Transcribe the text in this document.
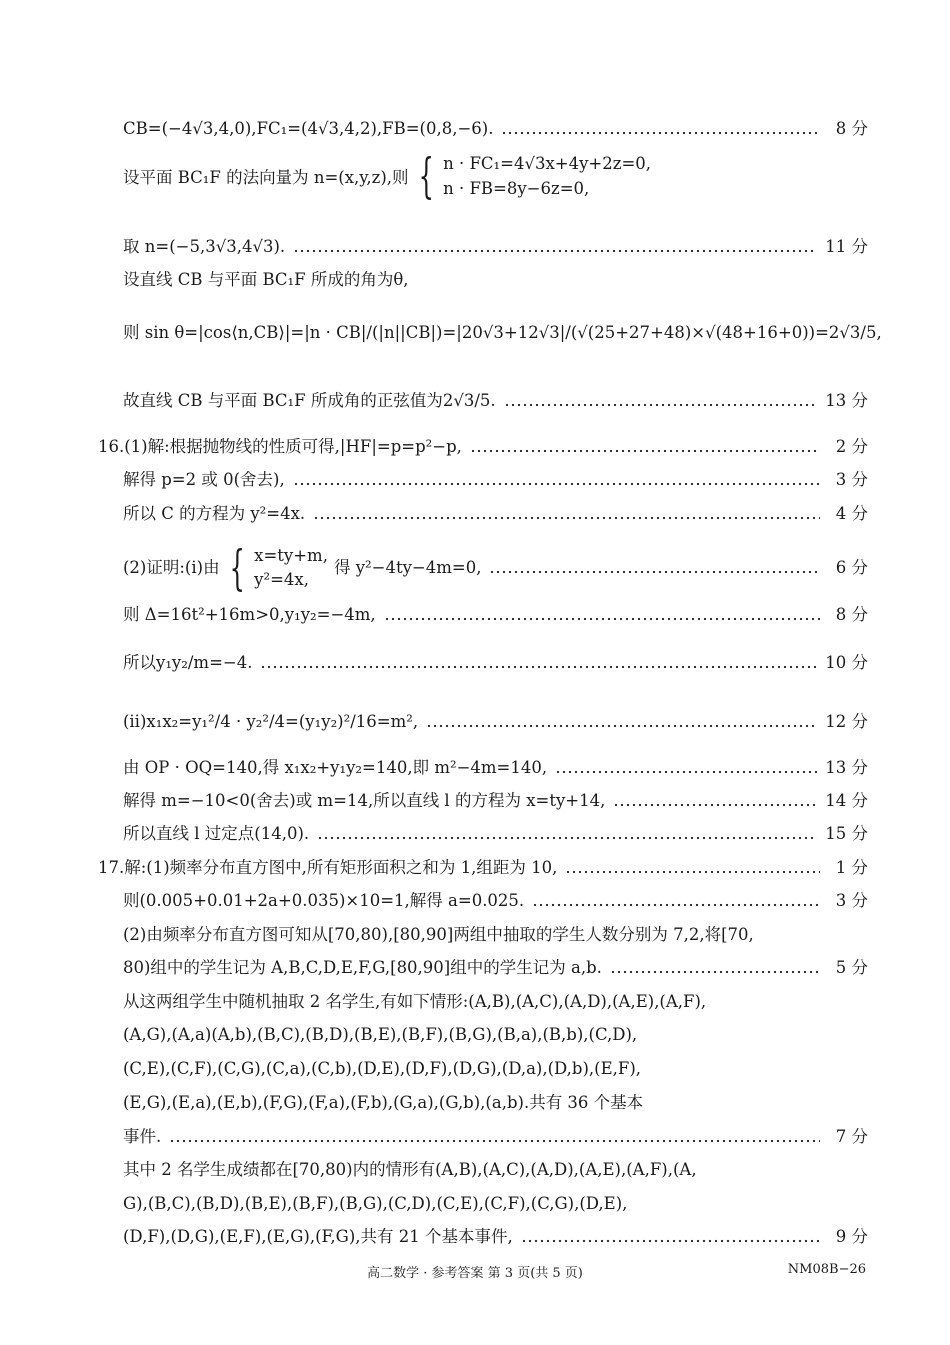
CB=(−4√3,4,0),FC₁=(4√3,4,2),FB=(0,8,−6).	8 分
设平面 BC₁F 的法向量为 n=(x,y,z),则 { n · FC₁=4√3x+4y+2z=0,
n · FB=8y−6z=0,
取 n=(−5,3√3,4√3).	11 分
设直线 CB 与平面 BC₁F 所成的角为θ,
则 sin θ=|cos⟨n,CB⟩|=|n · CB|/(|n||CB|)=|20√3+12√3|/(√(25+27+48)×√(48+16+0))=2√3/5,
故直线 CB 与平面 BC₁F 所成角的正弦值为2√3/5.	13 分
16.(1)解:根据抛物线的性质可得,|HF|=p=p²−p,	2 分
解得 p=2 或 0(舍去),	3 分
所以 C 的方程为 y²=4x.	4 分
(2)证明:(ⅰ)由 { x=ty+m,
y²=4x,
得 y²−4ty−4m=0,	6 分
则 Δ=16t²+16m>0,y₁y₂=−4m,	8 分
所以y₁y₂/m=−4.	10 分
(ⅱ)x₁x₂=y₁²/4 · y₂²/4=(y₁y₂)²/16=m²,	12 分
由 OP · OQ=140,得 x₁x₂+y₁y₂=140,即 m²−4m=140,	13 分
解得 m=−10<0(舍去)或 m=14,所以直线 l 的方程为 x=ty+14,	14 分
所以直线 l 过定点(14,0).	15 分
17.解:(1)频率分布直方图中,所有矩形面积之和为 1,组距为 10,	1 分
则(0.005+0.01+2a+0.035)×10=1,解得 a=0.025.	3 分
(2)由频率分布直方图可知从[70,80),[80,90]两组中抽取的学生人数分别为 7,2,将[70,
80)组中的学生记为 A,B,C,D,E,F,G,[80,90]组中的学生记为 a,b.	5 分
从这两组学生中随机抽取 2 名学生,有如下情形:(A,B),(A,C),(A,D),(A,E),(A,F),
(A,G),(A,a)(A,b),(B,C),(B,D),(B,E),(B,F),(B,G),(B,a),(B,b),(C,D),
(C,E),(C,F),(C,G),(C,a),(C,b),(D,E),(D,F),(D,G),(D,a),(D,b),(E,F),
(E,G),(E,a),(E,b),(F,G),(F,a),(F,b),(G,a),(G,b),(a,b).共有 36 个基本
事件.	7 分
其中 2 名学生成绩都在[70,80)内的情形有(A,B),(A,C),(A,D),(A,E),(A,F),(A,
G),(B,C),(B,D),(B,E),(B,F),(B,G),(C,D),(C,E),(C,F),(C,G),(D,E),
(D,F),(D,G),(E,F),(E,G),(F,G),共有 21 个基本事件,	9 分
高二数学 · 参考答案 第 3 页(共 5 页)	NM08B−26
